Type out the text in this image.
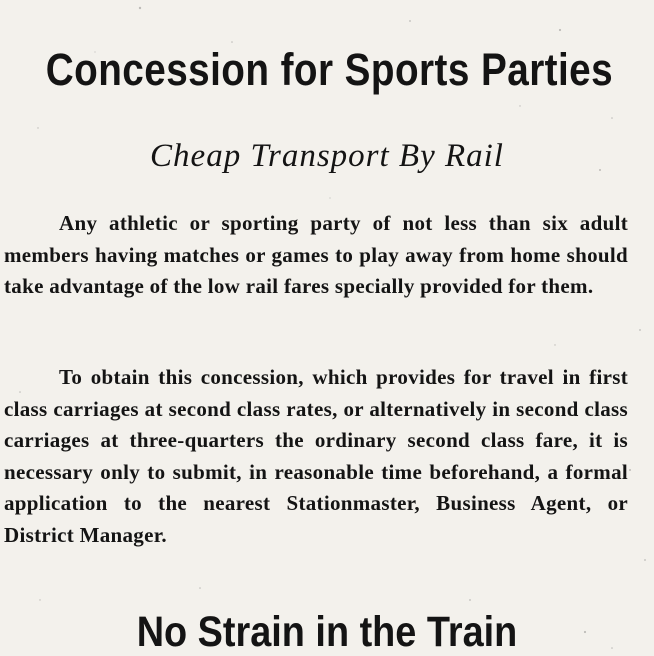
Concession for Sports Parties
Cheap Transport By Rail
Any athletic or sporting party of not less than six adult members having matches or games to play away from home should take advantage of the low rail fares specially provided for them.
To obtain this concession, which provides for travel in first class carriages at second class rates, or alternatively in second class carriages at three-quarters the ordinary second class fare, it is necessary only to submit, in reasonable time beforehand, a formal application to the nearest Stationmaster, Business Agent, or District Manager.
No Strain in the Train
